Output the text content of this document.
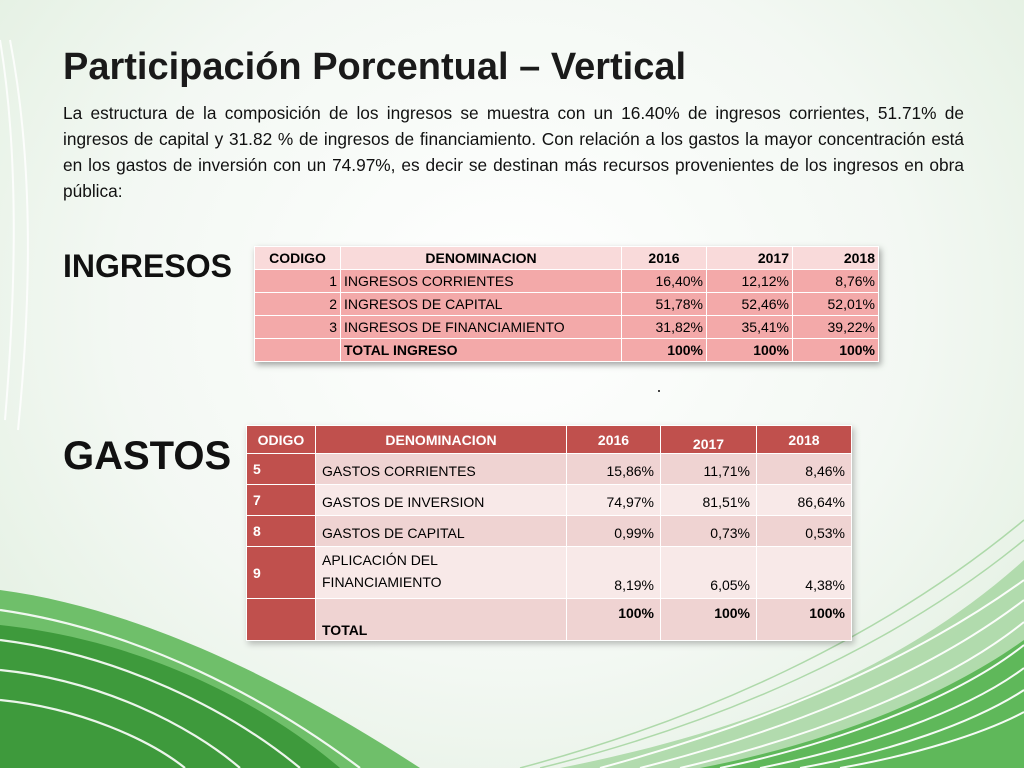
Participación Porcentual – Vertical
La estructura de la composición de los ingresos se muestra con un 16.40% de ingresos corrientes, 51.71% de ingresos de capital y 31.82 % de ingresos de financiamiento. Con relación a los gastos la mayor concentración está en los gastos de inversión con un 74.97%, es decir se destinan más recursos provenientes de los ingresos en obra pública:
INGRESOS	CODIGO	DENOMINACION	2016	2017	2018
1	INGRESOS CORRIENTES	16,40%	12,12%	8,76%
2	INGRESOS DE CAPITAL	51,78%	52,46%	52,01%
3	INGRESOS DE FINANCIAMIENTO	31,82%	35,41%	39,22%
	TOTAL INGRESO	100%	100%	100%
GASTOS ODIGO	DENOMINACION	2016	2017	2018
5	GASTOS CORRIENTES	15,86%	11,71%	8,46%
7	GASTOS DE INVERSION	74,97%	81,51%	86,64%
8	GASTOS DE CAPITAL	0,99%	0,73%	0,53%
9	APLICACIÓN DEL
FINANCIAMIENTO	8,19%	6,05%	4,38%
	TOTAL	100%	100%	100%
